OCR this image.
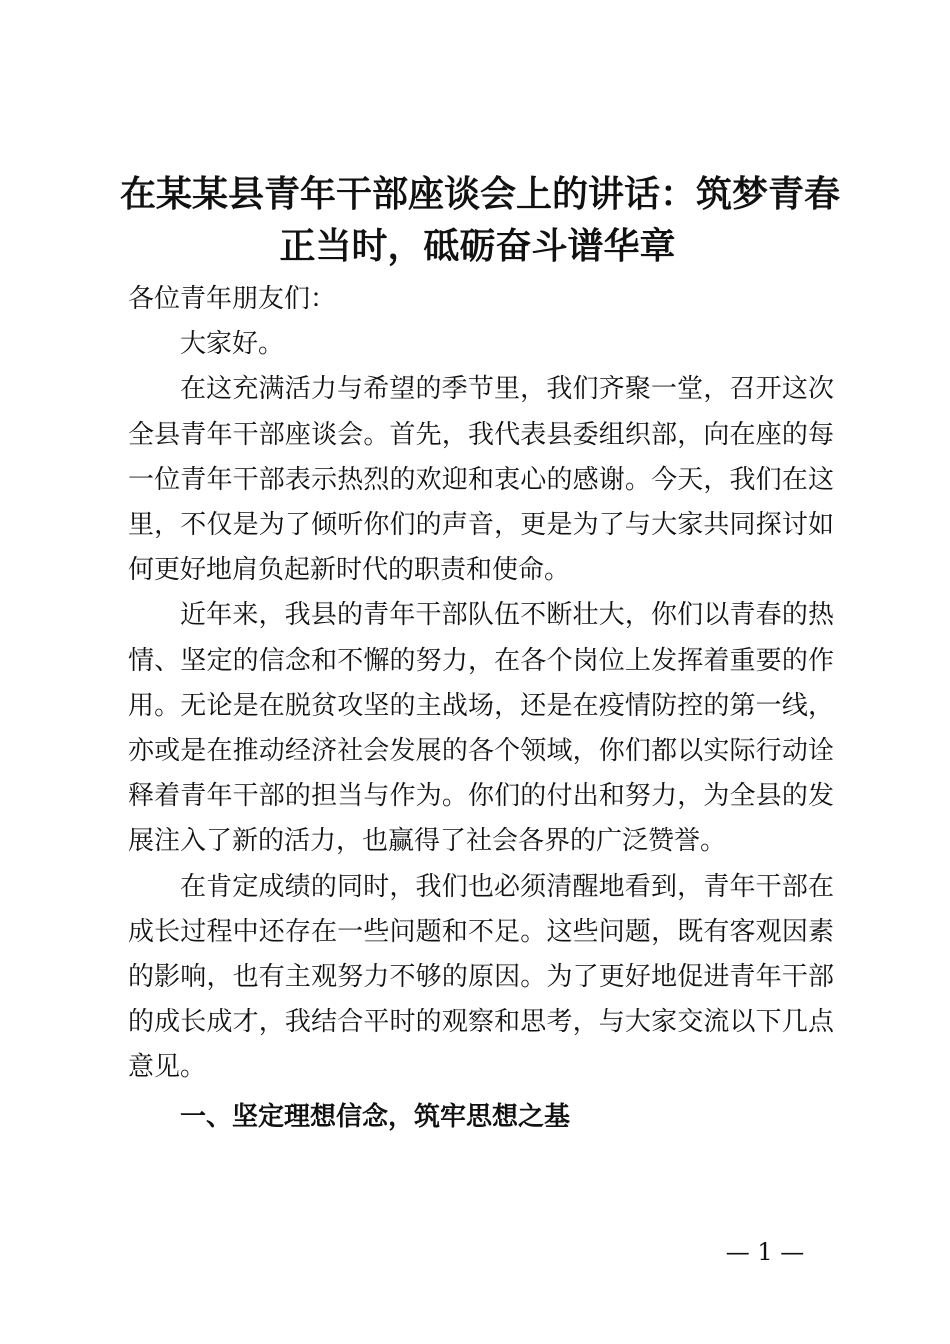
在某某县青年干部座谈会上的讲话：筑梦青春
正当时，砥砺奋斗谱华章

各位青年朋友们：

大家好。

在这充满活力与希望的季节里，我们齐聚一堂，召开这次全县青年干部座谈会。首先，我代表县委组织部，向在座的每一位青年干部表示热烈的欢迎和衷心的感谢。今天，我们在这里，不仅是为了倾听你们的声音，更是为了与大家共同探讨如何更好地肩负起新时代的职责和使命。

近年来，我县的青年干部队伍不断壮大，你们以青春的热情、坚定的信念和不懈的努力，在各个岗位上发挥着重要的作用。无论是在脱贫攻坚的主战场，还是在疫情防控的第一线，亦或是在推动经济社会发展的各个领域，你们都以实际行动诠释着青年干部的担当与作为。你们的付出和努力，为全县的发展注入了新的活力，也赢得了社会各界的广泛赞誉。

在肯定成绩的同时，我们也必须清醒地看到，青年干部在成长过程中还存在一些问题和不足。这些问题，既有客观因素的影响，也有主观努力不够的原因。为了更好地促进青年干部的成长成才，我结合平时的观察和思考，与大家交流以下几点意见。

一、坚定理想信念，筑牢思想之基

— 1 —
